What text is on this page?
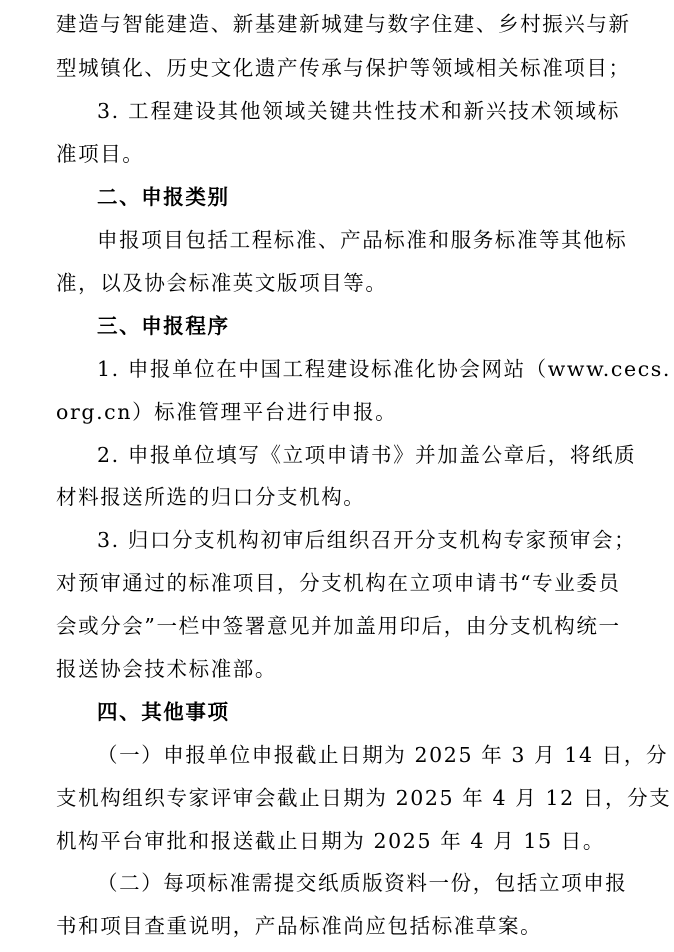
建造与智能建造、新基建新城建与数字住建、乡村振兴与新
型城镇化、历史文化遗产传承与保护等领域相关标准项目；
3. 工程建设其他领域关键共性技术和新兴技术领域标
准项目。
二、申报类别
申报项目包括工程标准、产品标准和服务标准等其他标
准，以及协会标准英文版项目等。
三、申报程序
1. 申报单位在中国工程建设标准化协会网站（www.cecs.
org.cn）标准管理平台进行申报。
2. 申报单位填写《立项申请书》并加盖公章后，将纸质
材料报送所选的归口分支机构。
3. 归口分支机构初审后组织召开分支机构专家预审会；
对预审通过的标准项目，分支机构在立项申请书“专业委员
会或分会”一栏中签署意见并加盖用印后，由分支机构统一
报送协会技术标准部。
四、其他事项
（一）申报单位申报截止日期为 2025 年 3 月 14 日，分
支机构组织专家评审会截止日期为 2025 年 4 月 12 日，分支
机构平台审批和报送截止日期为 2025 年 4 月 15 日。
（二）每项标准需提交纸质版资料一份，包括立项申报
书和项目查重说明，产品标准尚应包括标准草案。
